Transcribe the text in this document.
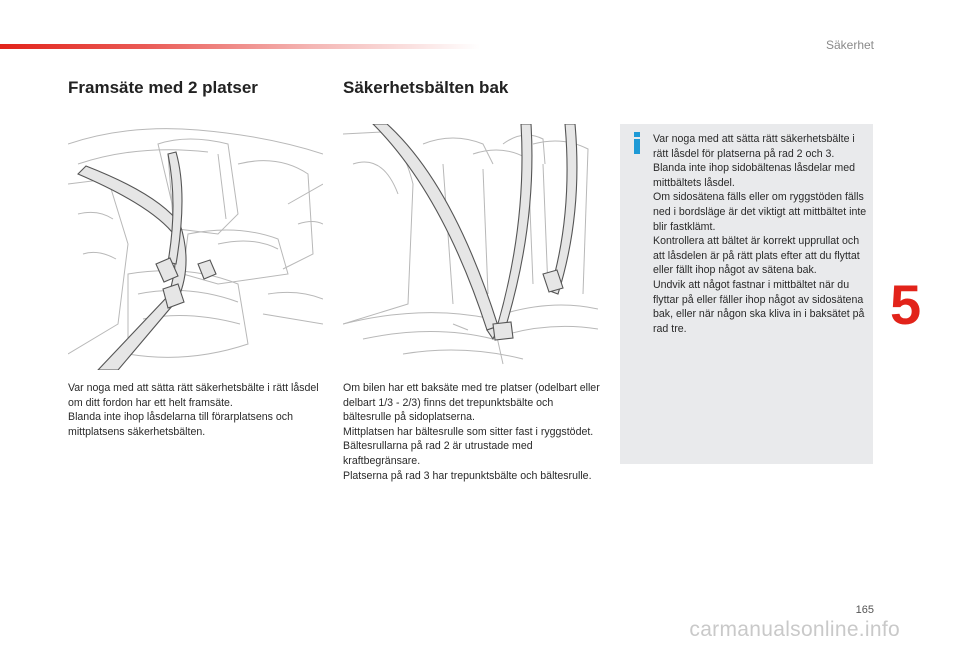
Säkerhet
5
Framsäte med 2 platser	Säkerhetsbälten bak

Var noga med att sätta rätt säkerhetsbälte i rätt låsdel om ditt fordon har ett helt framsäte.

Blanda inte ihop låsdelarna till förarplatsens och mittplatsens säkerhetsbälten.

Om bilen har ett baksäte med tre platser (odelbart eller delbart 1/3 - 2/3) finns det trepunktsbälte och bältesrulle på sidoplatserna.

Mittplatsen har bältesrulle som sitter fast i ryggstödet.

Bältesrullarna på rad 2 är utrustade med kraftbegränsare.

Platserna på rad 3 har trepunktsbälte och bältesrulle.

Var noga med att sätta rätt säkerhetsbälte i rätt låsdel för platserna på rad 2 och 3.

Blanda inte ihop sidobältenas låsdelar med mittbältets låsdel.

Om sidosätena fälls eller om ryggstöden fälls ned i bordsläge är det viktigt att mittbältet inte blir fastklämt.

Kontrollera att bältet är korrekt upprullat och att låsdelen är på rätt plats efter att du flyttat eller fällt ihop något av sätena bak.

Undvik att något fastnar i mittbältet när du flyttar på eller fäller ihop något av sidosätena bak, eller när någon ska kliva in i baksätet på rad tre.

165
carmanualsonline.info
